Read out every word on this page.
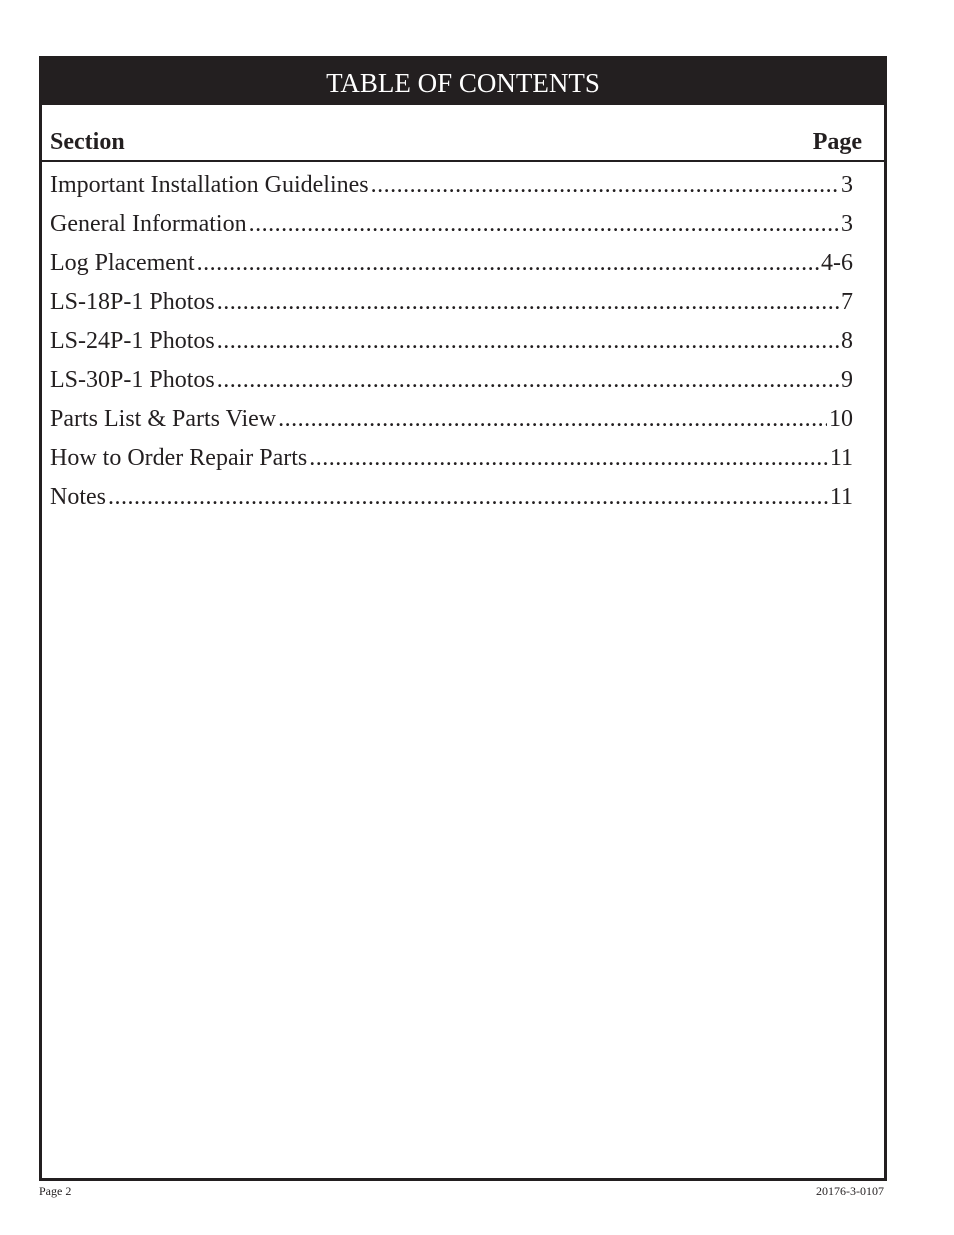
TABLE OF CONTENTS
Section	Page
Important Installation Guidelines .....	3
General Information .....	3
Log Placement .....	4-6
LS-18P-1 Photos .....	7
LS-24P-1 Photos .....	8
LS-30P-1 Photos .....	9
Parts List & Parts View .....	10
How to Order Repair Parts .....	11
Notes .....	11
Page 2	20176-3-0107
